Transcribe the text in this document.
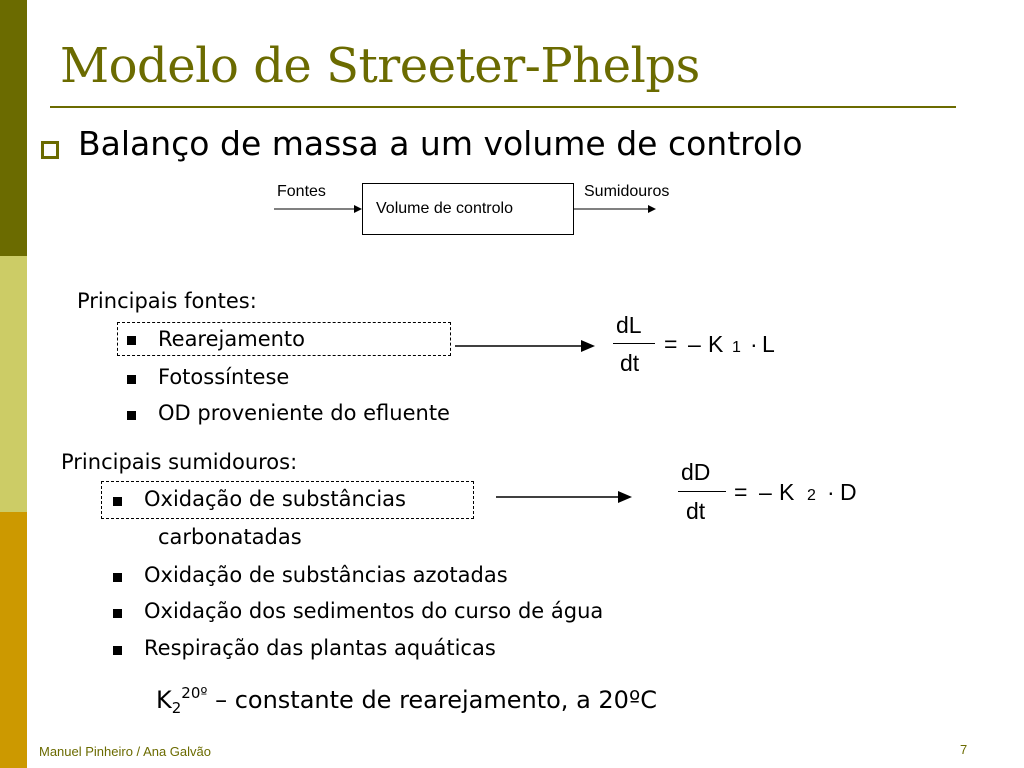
Modelo de Streeter-Phelps
Balanço de massa a um volume de controlo
Fontes	Sumidouros
Volume de controlo
Principais fontes:
Rearejamento
Fotossíntese
OD proveniente do efluente
dL
dt
= – K 1 · L
Principais sumidouros:
Oxidação de substâncias
carbonatadas
Oxidação de substâncias azotadas
Oxidação dos sedimentos do curso de água
Respiração das plantas aquáticas
dD
dt
= – K 2 · D
$K_2^{20º}$ – constante de rearejamento, a 20ºC
Manuel Pinheiro / Ana Galvão	7
